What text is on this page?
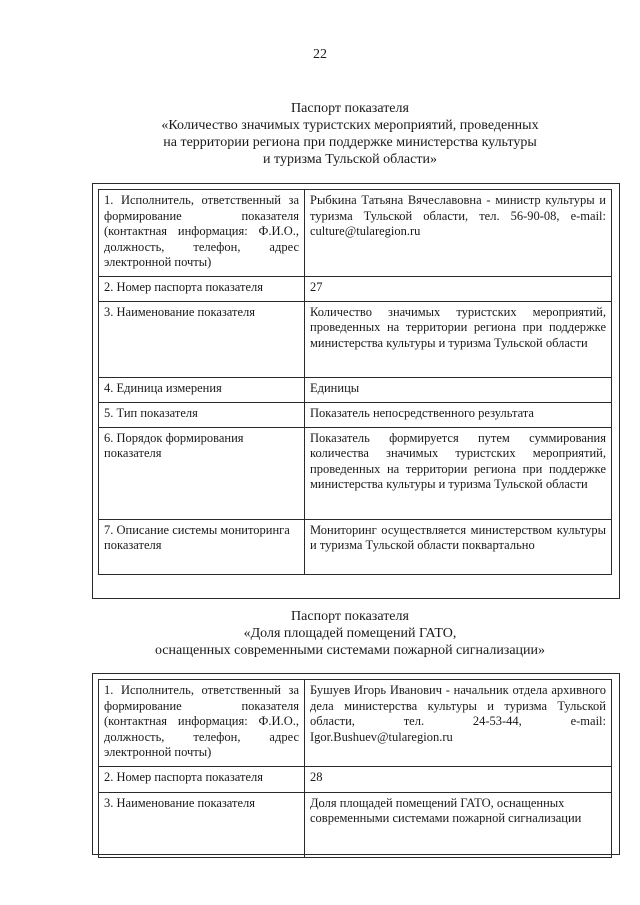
22
Паспорт показателя
«Количество значимых туристских мероприятий, проведенных
на территории региона при поддержке министерства культуры
и туризма Тульской области»
1. Исполнитель, ответственный за формирование показателя (контактная информация: Ф.И.О., должность, телефон, адрес электронной почты)	Рыбкина Татьяна Вячеславовна - министр культуры и туризма Тульской области, тел. 56-90-08, e-mail: culture@tularegion.ru
2. Номер паспорта показателя	27
3. Наименование показателя	Количество значимых туристских мероприятий, проведенных на территории региона при поддержке министерства культуры и туризма Тульской области
4. Единица измерения	Единицы
5. Тип показателя	Показатель непосредственного результата
6. Порядок формирования показателя	Показатель формируется путем суммирования количества значимых туристских мероприятий, проведенных на территории региона при поддержке министерства культуры и туризма Тульской области
7. Описание системы мониторинга показателя	Мониторинг осуществляется министерством культуры и туризма Тульской области поквартально
Паспорт показателя
«Доля площадей помещений ГАТО,
оснащенных современными системами пожарной сигнализации»
1. Исполнитель, ответственный за формирование показателя (контактная информация: Ф.И.О., должность, телефон, адрес электронной почты)	Бушуев Игорь Иванович - начальник отдела архивного дела министерства культуры и туризма Тульской области, тел. 24-53-44, e-mail: Igor.Bushuev@tularegion.ru
2. Номер паспорта показателя	28
3. Наименование показателя	Доля площадей помещений ГАТО, оснащенных современными системами пожарной сигнализации
